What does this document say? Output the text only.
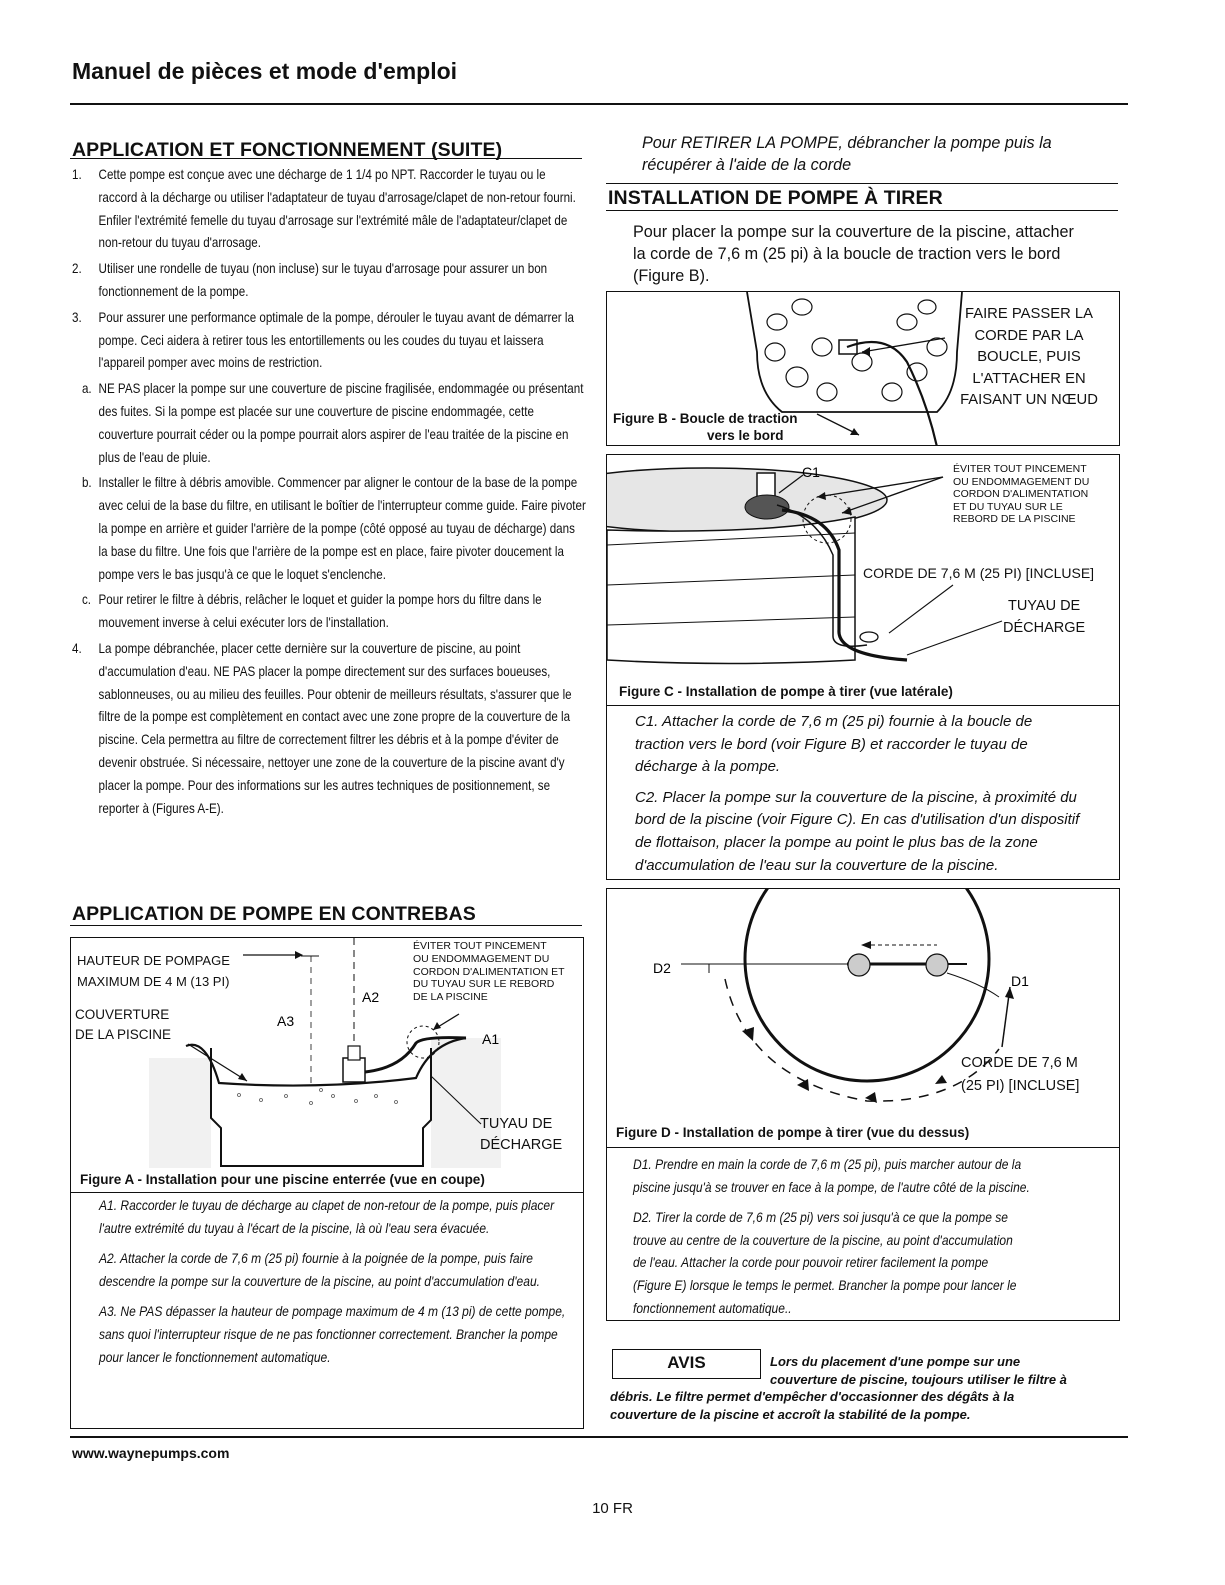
Manuel de pièces et mode d'emploi
APPLICATION ET FONCTIONNEMENT (SUITE)
1.	Cette pompe est conçue avec une décharge de 1 1/4 po NPT. Raccorder le tuyau ou le raccord à la décharge ou utiliser l'adaptateur de tuyau d'arrosage/clapet de non-retour fourni. Enfiler l'extrémité femelle du tuyau d'arrosage sur l'extrémité mâle de l'adaptateur/clapet de non-retour du tuyau d'arrosage.
2.	Utiliser une rondelle de tuyau (non incluse) sur le tuyau d'arrosage pour assurer un bon fonctionnement de la pompe.
3.	Pour assurer une performance optimale de la pompe, dérouler le tuyau avant de démarrer la pompe. Ceci aidera à retirer tous les entortillements ou les coudes du tuyau et laissera l'appareil pomper avec moins de restriction.
a. NE PAS placer la pompe sur une couverture de piscine fragilisée, endommagée ou présentant des fuites. Si la pompe est placée sur une couverture de piscine endommagée, cette couverture pourrait céder ou la pompe pourrait alors aspirer de l'eau traitée de la piscine en plus de l'eau de pluie.
b. Installer le filtre à débris amovible. Commencer par aligner le contour de la base de la pompe avec celui de la base du filtre, en utilisant le boîtier de l'interrupteur comme guide. Faire pivoter la pompe en arrière et guider l'arrière de la pompe (côté opposé au tuyau de décharge) dans la base du filtre. Une fois que l'arrière de la pompe est en place, faire pivoter doucement la pompe vers le bas jusqu'à ce que le loquet s'enclenche.
c. Pour retirer le filtre à débris, relâcher le loquet et guider la pompe hors du filtre dans le mouvement inverse à celui exécuter lors de l'installation.
4.	La pompe débranchée, placer cette dernière sur la couverture de piscine, au point d'accumulation d'eau. NE PAS placer la pompe directement sur des surfaces boueuses, sablonneuses, ou au milieu des feuilles. Pour obtenir de meilleurs résultats, s'assurer que le filtre de la pompe est complètement en contact avec une zone propre de la couverture de la piscine. Cela permettra au filtre de correctement filtrer les débris et à la pompe d'éviter de devenir obstruée. Si nécessaire, nettoyer une zone de la couverture de la piscine avant d'y placer la pompe. Pour des informations sur les autres techniques de positionnement, se reporter à (Figures A-E).
APPLICATION DE POMPE EN CONTREBAS
A2
A3
A1
HAUTEUR DE POMPAGE
MAXIMUM DE 4 M (13 PI)
COUVERTURE
DE LA PISCINE
ÉVITER TOUT PINCEMENT
OU ENDOMMAGEMENT DU
CORDON D'ALIMENTATION ET
DU TUYAU SUR LE REBORD
DE LA PISCINE
TUYAU DE
DÉCHARGE
Figure A - Installation pour une piscine enterrée (vue en coupe)
A1. Raccorder le tuyau de décharge au clapet de non-retour de la pompe, puis placer l'autre extrémité du tuyau à l'écart de la piscine, là où l'eau sera évacuée.
A2. Attacher la corde de 7,6 m (25 pi) fournie à la poignée de la pompe, puis faire descendre la pompe sur la couverture de la piscine, au point d'accumulation d'eau.
A3. Ne PAS dépasser la hauteur de pompage maximum de 4 m (13 pi) de cette pompe, sans quoi l'interrupteur risque de ne pas fonctionner correctement. Brancher la pompe pour lancer le fonctionnement automatique.
Pour RETIRER LA POMPE, débrancher la pompe puis la
récupérer à l'aide de la corde
INSTALLATION DE POMPE À TIRER
Pour placer la pompe sur la couverture de la piscine, attacher
la corde de 7,6 m (25 pi) à la boucle de traction vers le bord
(Figure B).
FAIRE PASSER LA
CORDE PAR LA
BOUCLE, PUIS
L'ATTACHER EN
FAISANT UN NŒUD
Figure B - Boucle de traction
vers le bord
C1	ÉVITER TOUT PINCEMENT
OU ENDOMMAGEMENT DU
CORDON D'ALIMENTATION
ET DU TUYAU SUR LE
REBORD DE LA PISCINE
CORDE DE 7,6 M (25 PI) [INCLUSE]
TUYAU DE
DÉCHARGE
Figure C - Installation de pompe à tirer (vue latérale)
C1. Attacher la corde de 7,6 m (25 pi) fournie à la boucle de
traction vers le bord (voir Figure B) et raccorder le tuyau de
décharge à la pompe.
C2. Placer la pompe sur la couverture de la piscine, à proximité du
bord de la piscine (voir Figure C). En cas d'utilisation d'un dispositif
de flottaison, placer la pompe au point le plus bas de la zone
d'accumulation de l'eau sur la couverture de la piscine.
D2
D1
CORDE DE 7,6 M
(25 PI) [INCLUSE]
Figure D - Installation de pompe à tirer (vue du dessus)
D1. Prendre en main la corde de 7,6 m (25 pi), puis marcher autour de la
piscine jusqu'à se trouver en face à la pompe, de l'autre côté de la piscine.
D2. Tirer la corde de 7,6 m (25 pi) vers soi jusqu'à ce que la pompe se
trouve au centre de la couverture de la piscine, au point d'accumulation
de l'eau. Attacher la corde pour pouvoir retirer facilement la pompe
(Figure E) lorsque le temps le permet. Brancher la pompe pour lancer le
fonctionnement automatique..
AVIS	Lors du placement d'une pompe sur une
couverture de piscine, toujours utiliser le filtre à
débris. Le filtre permet d'empêcher d'occasionner des dégâts à la
couverture de la piscine et accroît la stabilité de la pompe.
www.waynepumps.com
10 FR
